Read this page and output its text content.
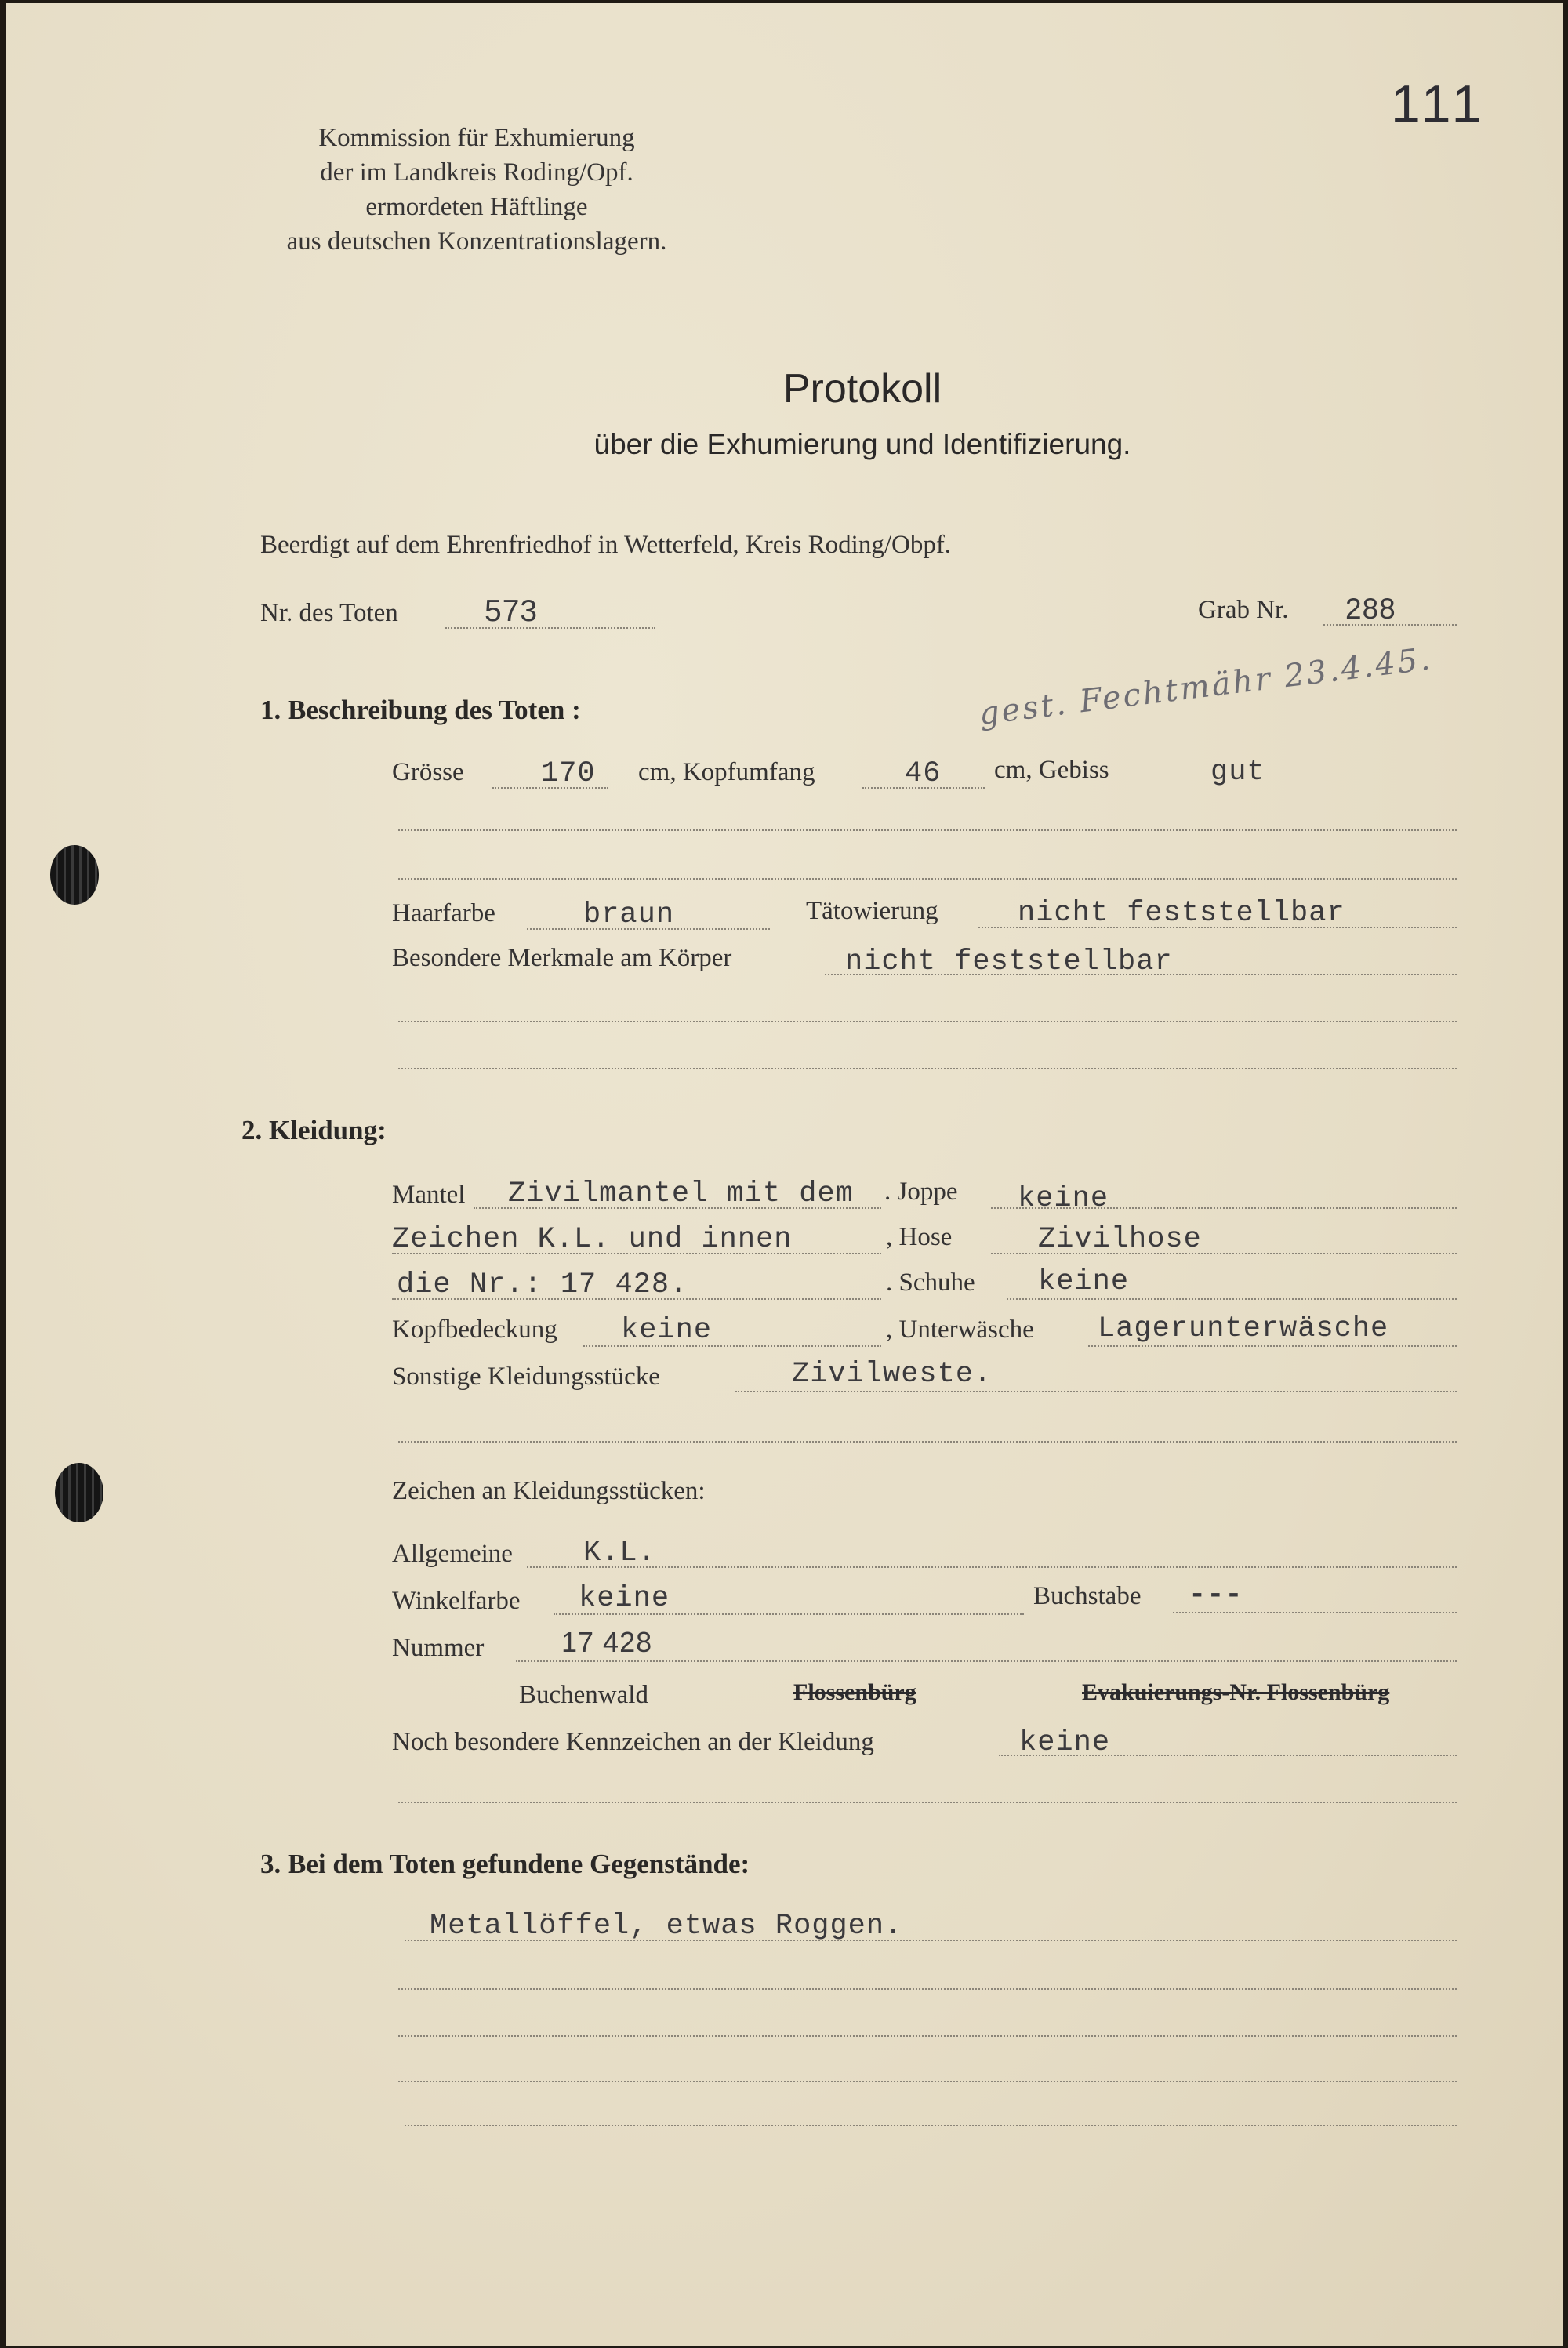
111
Kommission für Exhumierung
der im Landkreis Roding/Opf.
ermordeten Häftlinge
aus deutschen Konzentrationslagern.
Protokoll
über die Exhumierung und Identifizierung.
Beerdigt auf dem Ehrenfriedhof in Wetterfeld, Kreis Roding/Obpf.
Nr. des Toten	573	Grab Nr. 288
1. Beschreibung des Toten :	gest. Fechtmähr 23.4.45.
Grösse	170 cm, Kopfumfang	46 cm, Gebiss	gut
Haarfarbe	braun	Tätowierung	nicht feststellbar
Besondere Merkmale am Körper	nicht feststellbar
2. Kleidung:
Mantel Zivilmantel mit dem . Joppe keine
Zeichen K.L. und innen	, Hose	Zivilhose
die Nr.: 17 428.	. Schuhe keine
Kopfbedeckung keine	, Unterwäsche Lagerunterwäsche
Sonstige Kleidungsstücke	Zivilweste.
Zeichen an Kleidungsstücken:
Allgemeine K.L.
Winkelfarbe keine	Buchstabe ---
Nummer	17 428
Buchenwald	Flossenbürg	Evakuierungs-Nr. Flossenbürg
Noch besondere Kennzeichen an der Kleidung	keine
3. Bei dem Toten gefundene Gegenstände:
Metallöffel, etwas Roggen.
